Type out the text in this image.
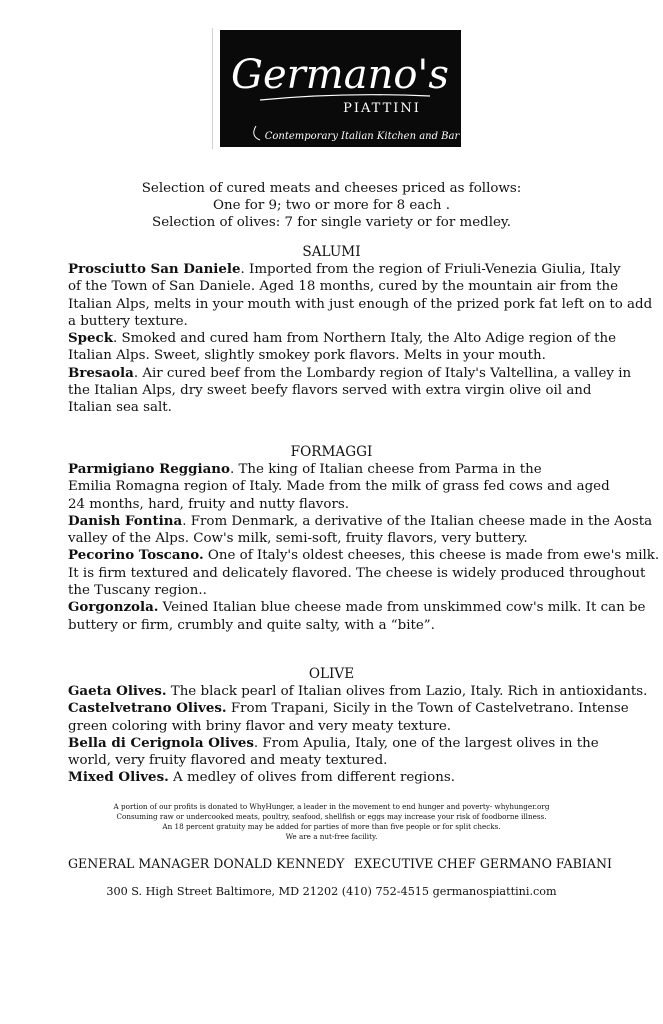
Germano's
PIATTINI
Contemporary Italian Kitchen and Bar
Selection of cured meats and cheeses priced as follows:
One for 9; two or more for 8 each .
Selection of olives: 7 for single variety or for medley.
SALUMI
Prosciutto San Daniele. Imported from the region of Friuli-Venezia Giulia, Italy
of the Town of San Daniele. Aged 18 months, cured by the mountain air from the
Italian Alps, melts in your mouth with just enough of the prized pork fat left on to add
a buttery texture.
Speck. Smoked and cured ham from Northern Italy, the Alto Adige region of the
Italian Alps. Sweet, slightly smokey pork flavors. Melts in your mouth.
Bresaola. Air cured beef from the Lombardy region of Italy's Valtellina, a valley in
the Italian Alps, dry sweet beefy flavors served with extra virgin olive oil and
Italian sea salt.
FORMAGGI
Parmigiano Reggiano. The king of Italian cheese from Parma in the
Emilia Romagna region of Italy. Made from the milk of grass fed cows and aged
24 months, hard, fruity and nutty flavors.
Danish Fontina. From Denmark, a derivative of the Italian cheese made in the Aosta
valley of the Alps. Cow's milk, semi-soft, fruity flavors, very buttery.
Pecorino Toscano. One of Italy's oldest cheeses, this cheese is made from ewe's milk.
It is firm textured and delicately flavored. The cheese is widely produced throughout
the Tuscany region..
Gorgonzola. Veined Italian blue cheese made from unskimmed cow's milk. It can be
buttery or firm, crumbly and quite salty, with a “bite”.
OLIVE
Gaeta Olives. The black pearl of Italian olives from Lazio, Italy. Rich in antioxidants.
Castelvetrano Olives. From Trapani, Sicily in the Town of Castelvetrano. Intense
green coloring with briny flavor and very meaty texture.
Bella di Cerignola Olives. From Apulia, Italy, one of the largest olives in the
world, very fruity flavored and meaty textured.
Mixed Olives. A medley of olives from different regions.
A portion of our profits is donated to WhyHunger, a leader in the movement to end hunger and poverty- whyhunger.org
Consuming raw or undercooked meats, poultry, seafood, shellfish or eggs may increase your risk of foodborne illness.
An 18 percent gratuity may be added for parties of more than five people or for split checks.
We are a nut-free facility.
GENERAL MANAGER DONALD KENNEDY EXECUTIVE CHEF GERMANO FABIANI
300 S. High Street Baltimore, MD 21202 (410) 752-4515 germanospiattini.com
